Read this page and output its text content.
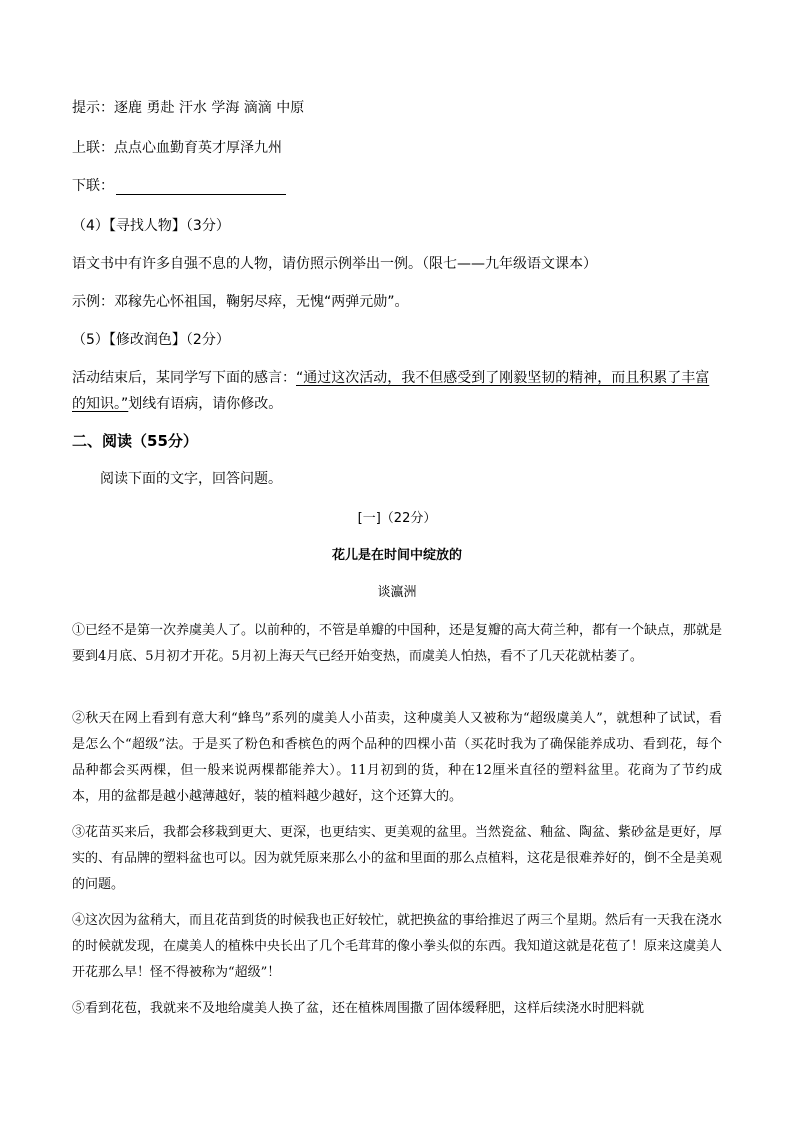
提示：逐鹿 勇赴 汗水 学海 滴滴 中原
上联：点点心血勤育英才厚泽九州
下联：
（4）【寻找人物】（3分）
语文书中有许多自强不息的人物，请仿照示例举出一例。（限七——九年级语文课本）
示例：邓稼先心怀祖国，鞠躬尽瘁，无愧“两弹元勋”。
（5）【修改润色】（2分）
活动结束后，某同学写下面的感言：“通过这次活动，我不但感受到了刚毅坚韧的精神，而且积累了丰富
的知识。”划线有语病，请你修改。
二、阅读（55分）
阅读下面的文字，回答问题。
[一]（22分）
花儿是在时间中绽放的
谈瀛洲
①已经不是第一次养虞美人了。以前种的，不管是单瓣的中国种，还是复瓣的高大荷兰种，都有一个缺点，那就是要到4月底、5月初才开花。5月初上海天气已经开始变热，而虞美人怕热，看不了几天花就枯萎了。
②秋天在网上看到有意大利“蜂鸟”系列的虞美人小苗卖，这种虞美人又被称为“超级虞美人”，就想种了试试，看是怎么个“超级”法。于是买了粉色和香槟色的两个品种的四棵小苗（买花时我为了确保能养成功、看到花，每个品种都会买两棵，但一般来说两棵都能养大）。11月初到的货，种在12厘米直径的塑料盆里。花商为了节约成本，用的盆都是越小越薄越好，装的植料越少越好，这个还算大的。
③花苗买来后，我都会移栽到更大、更深，也更结实、更美观的盆里。当然瓷盆、釉盆、陶盆、紫砂盆是更好，厚实的、有品牌的塑料盆也可以。因为就凭原来那么小的盆和里面的那么点植料，这花是很难养好的，倒不全是美观的问题。
④这次因为盆稍大，而且花苗到货的时候我也正好较忙，就把换盆的事给推迟了两三个星期。然后有一天我在浇水的时候就发现，在虞美人的植株中央长出了几个毛茸茸的像小拳头似的东西。我知道这就是花苞了！原来这虞美人开花那么早！怪不得被称为“超级”！
⑤看到花苞，我就来不及地给虞美人换了盆，还在植株周围撒了固体缓释肥，这样后续浇水时肥料就
